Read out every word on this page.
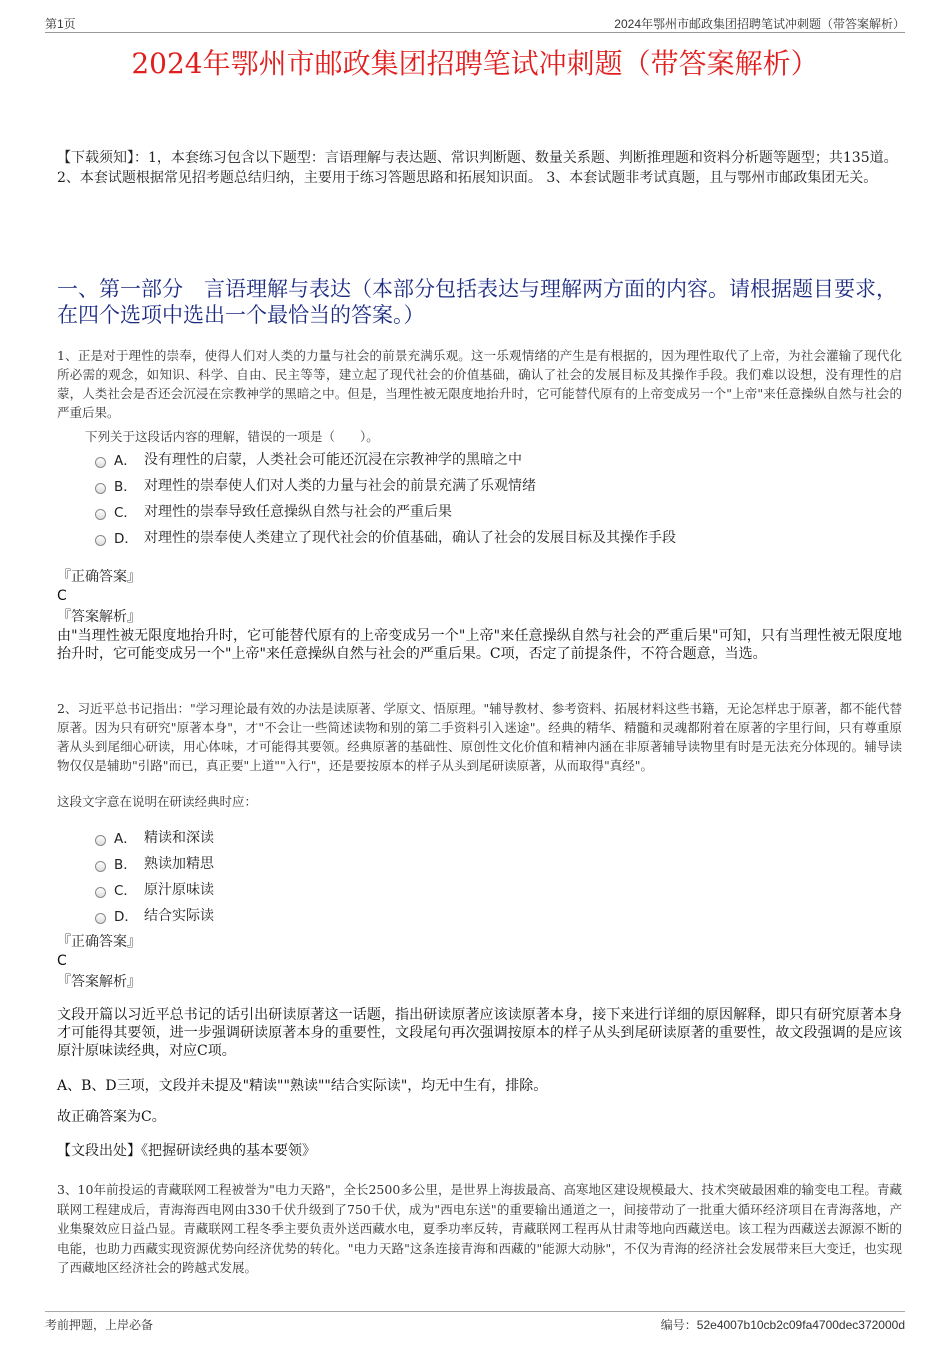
第1页	2024年鄂州市邮政集团招聘笔试冲刺题（带答案解析）
2024年鄂州市邮政集团招聘笔试冲刺题（带答案解析）
【下载须知】：1，本套练习包含以下题型：言语理解与表达题、常识判断题、数量关系题、判断推理题和资料分析题等题型；共135道。2、本套试题根据常见招考题总结归纳，主要用于练习答题思路和拓展知识面。 3、本套试题非考试真题，且与鄂州市邮政集团无关。
一、第一部分　言语理解与表达（本部分包括表达与理解两方面的内容。请根据题目要求，在四个选项中选出一个最恰当的答案。）
1、正是对于理性的崇奉，使得人们对人类的力量与社会的前景充满乐观。这一乐观情绪的产生是有根据的，因为理性取代了上帝，为社会灌输了现代化所必需的观念，如知识、科学、自由、民主等等，建立起了现代社会的价值基础，确认了社会的发展目标及其操作手段。我们难以设想，没有理性的启蒙，人类社会是否还会沉浸在宗教神学的黑暗之中。但是，当理性被无限度地抬升时，它可能替代原有的上帝变成另一个"上帝"来任意操纵自然与社会的严重后果。
下列关于这段话内容的理解，错误的一项是（　　）。
A． 没有理性的启蒙，人类社会可能还沉浸在宗教神学的黑暗之中
B． 对理性的崇奉使人们对人类的力量与社会的前景充满了乐观情绪
C． 对理性的崇奉导致任意操纵自然与社会的严重后果
D． 对理性的崇奉使人类建立了现代社会的价值基础，确认了社会的发展目标及其操作手段
『正确答案』
C
『答案解析』
由"当理性被无限度地抬升时，它可能替代原有的上帝变成另一个"上帝"来任意操纵自然与社会的严重后果"可知，只有当理性被无限度地抬升时，它可能变成另一个"上帝"来任意操纵自然与社会的严重后果。C项，否定了前提条件，不符合题意，当选。
2、习近平总书记指出："学习理论最有效的办法是读原著、学原文、悟原理。"辅导教材、参考资料、拓展材料这些书籍，无论怎样忠于原著，都不能代替原著。因为只有研究"原著本身"，才"不会让一些简述读物和别的第二手资料引入迷途"。经典的精华、精髓和灵魂都附着在原著的字里行间，只有尊重原著从头到尾细心研读，用心体味，才可能得其要领。经典原著的基础性、原创性文化价值和精神内涵在非原著辅导读物里有时是无法充分体现的。辅导读物仅仅是辅助"引路"而已，真正要"上道""入行"，还是要按原本的样子从头到尾研读原著，从而取得"真经"。
这段文字意在说明在研读经典时应：
A． 精读和深读
B． 熟读加精思
C． 原汁原味读
D． 结合实际读
『正确答案』
C
『答案解析』
文段开篇以习近平总书记的话引出研读原著这一话题，指出研读原著应该读原著本身，接下来进行详细的原因解释，即只有研究原著本身才可能得其要领，进一步强调研读原著本身的重要性，文段尾句再次强调按原本的样子从头到尾研读原著的重要性，故文段强调的是应该原汁原味读经典，对应C项。
A、B、D三项，文段并未提及"精读""熟读""结合实际读"，均无中生有，排除。
故正确答案为C。
【文段出处】《把握研读经典的基本要领》
3、10年前投运的青藏联网工程被誉为"电力天路"，全长2500多公里，是世界上海拔最高、高寒地区建设规模最大、技术突破最困难的输变电工程。青藏联网工程建成后，青海海西电网由330千伏升级到了750千伏，成为"西电东送"的重要输出通道之一，间接带动了一批重大循环经济项目在青海落地，产业集聚效应日益凸显。青藏联网工程冬季主要负责外送西藏水电，夏季功率反转，青藏联网工程再从甘肃等地向西藏送电。该工程为西藏送去源源不断的电能，也助力西藏实现资源优势向经济优势的转化。"电力天路"这条连接青海和西藏的"能源大动脉"，不仅为青海的经济社会发展带来巨大变迁，也实现了西藏地区经济社会的跨越式发展。
考前押题，上岸必备	编号：52e4007b10cb2c09fa4700dec372000d
